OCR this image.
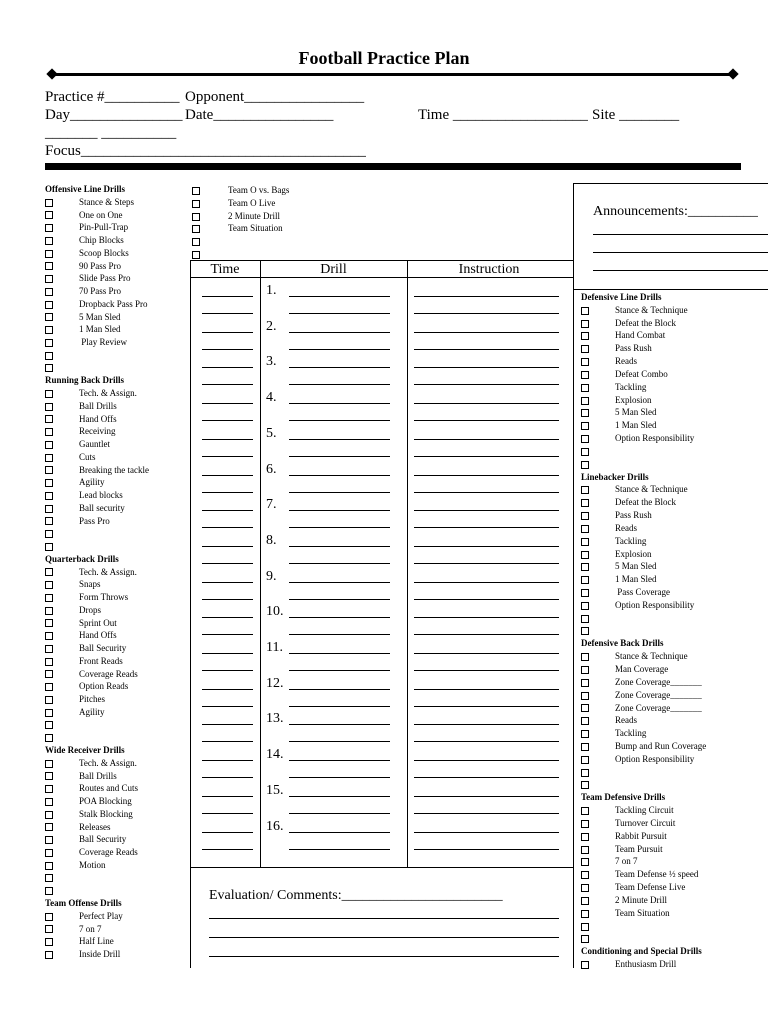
Football Practice Plan
Practice #__________ Opponent________________
Day_______________ Date________________	Time __________________ Site ________
_______ __________
Focus______________________________________
Offensive Line Drills
Stance & Steps
One on One
Pin-Pull-Trap
Chip Blocks
Scoop Blocks
90 Pass Pro
Slide Pass Pro
70 Pass Pro
Dropback Pass Pro
5 Man Sled
1 Man Sled
Play Review
Running Back Drills
Tech. & Assign.
Ball Drills
Hand Offs
Receiving
Gauntlet
Cuts
Breaking the tackle
Agility
Lead blocks
Ball security
Pass Pro
Quarterback Drills
Tech. & Assign.
Snaps
Form Throws
Drops
Sprint Out
Hand Offs
Ball Security
Front Reads
Coverage Reads
Option Reads
Pitches
Agility
Wide Receiver Drills
Tech. & Assign.
Ball Drills
Routes and Cuts
POA Blocking
Stalk Blocking
Releases
Ball Security
Coverage Reads
Motion
Team Offense Drills
Perfect Play
7 on 7
Half Line
Inside Drill
Team O vs. Bags
Team O Live
2 Minute Drill
Team Situation
Time	Drill	Instruction
1.
2.
3.
4.
5.
6.
7.
8.
9.
10.
11.
12.
13.
14.
15.
16.
Evaluation/ Comments:_______________________
Announcements:__________
Defensive Line Drills
Stance & Technique
Defeat the Block
Hand Combat
Pass Rush
Reads
Defeat Combo
Tackling
Explosion
5 Man Sled
1 Man Sled
Option Responsibility
Linebacker Drills
Stance & Technique
Defeat the Block
Pass Rush
Reads
Tackling
Explosion
5 Man Sled
1 Man Sled
Pass Coverage
Option Responsibility
Defensive Back Drills
Stance & Technique
Man Coverage
Zone Coverage_______
Zone Coverage_______
Zone Coverage_______
Reads
Tackling
Bump and Run Coverage
Option Responsibility
Team Defensive Drills
Tackling Circuit
Turnover Circuit
Rabbit Pursuit
Team Pursuit
7 on 7
Team Defense ½ speed
Team Defense Live
2 Minute Drill
Team Situation
Conditioning and Special Drills
Enthusiasm Drill
